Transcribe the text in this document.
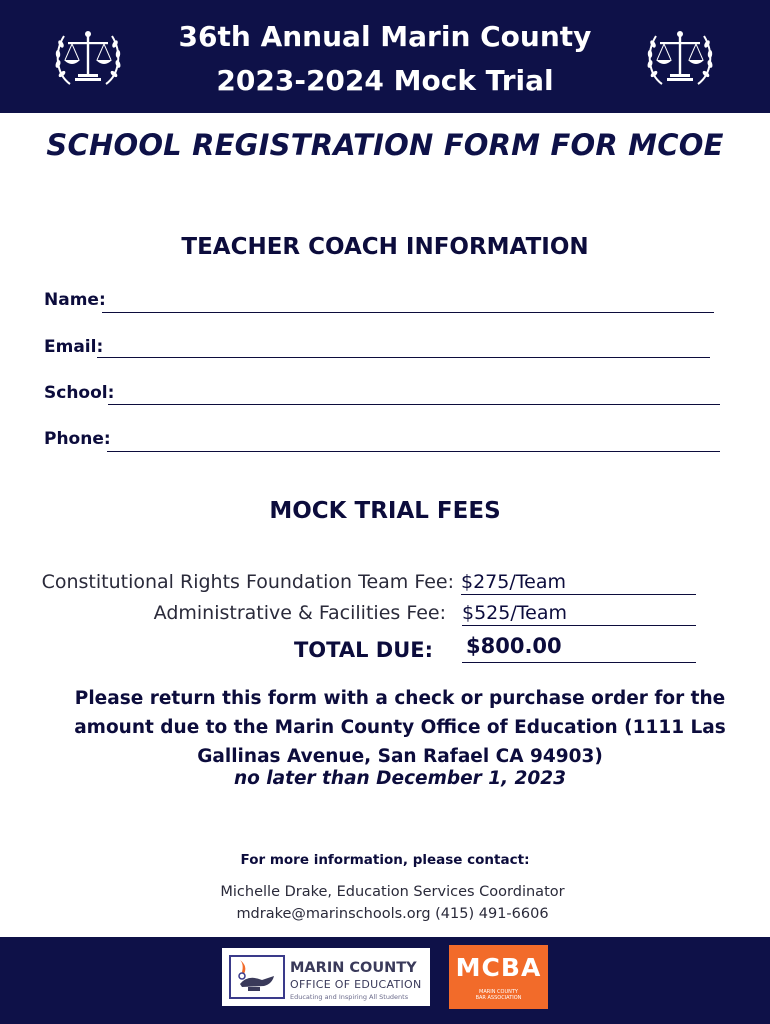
36th Annual Marin County
2023-2024 Mock Trial
SCHOOL REGISTRATION FORM FOR MCOE
TEACHER COACH INFORMATION
Name:
Email:
School:
Phone:
MOCK TRIAL FEES
Constitutional Rights Foundation Team Fee: $275/Team
Administrative & Facilities Fee: $525/Team
TOTAL DUE: $800.00
Please return this form with a check or purchase order for the
amount due to the Marin County Office of Education (1111 Las
Gallinas Avenue, San Rafael CA 94903)
no later than December 1, 2023
For more information, please contact:
Michelle Drake, Education Services Coordinator
mdrake@marinschools.org (415) 491-6606
MARIN COUNTY
OFFICE OF EDUCATION
Educating and Inspiring All Students
MCBA
MARIN COUNTY
BAR ASSOCIATION
